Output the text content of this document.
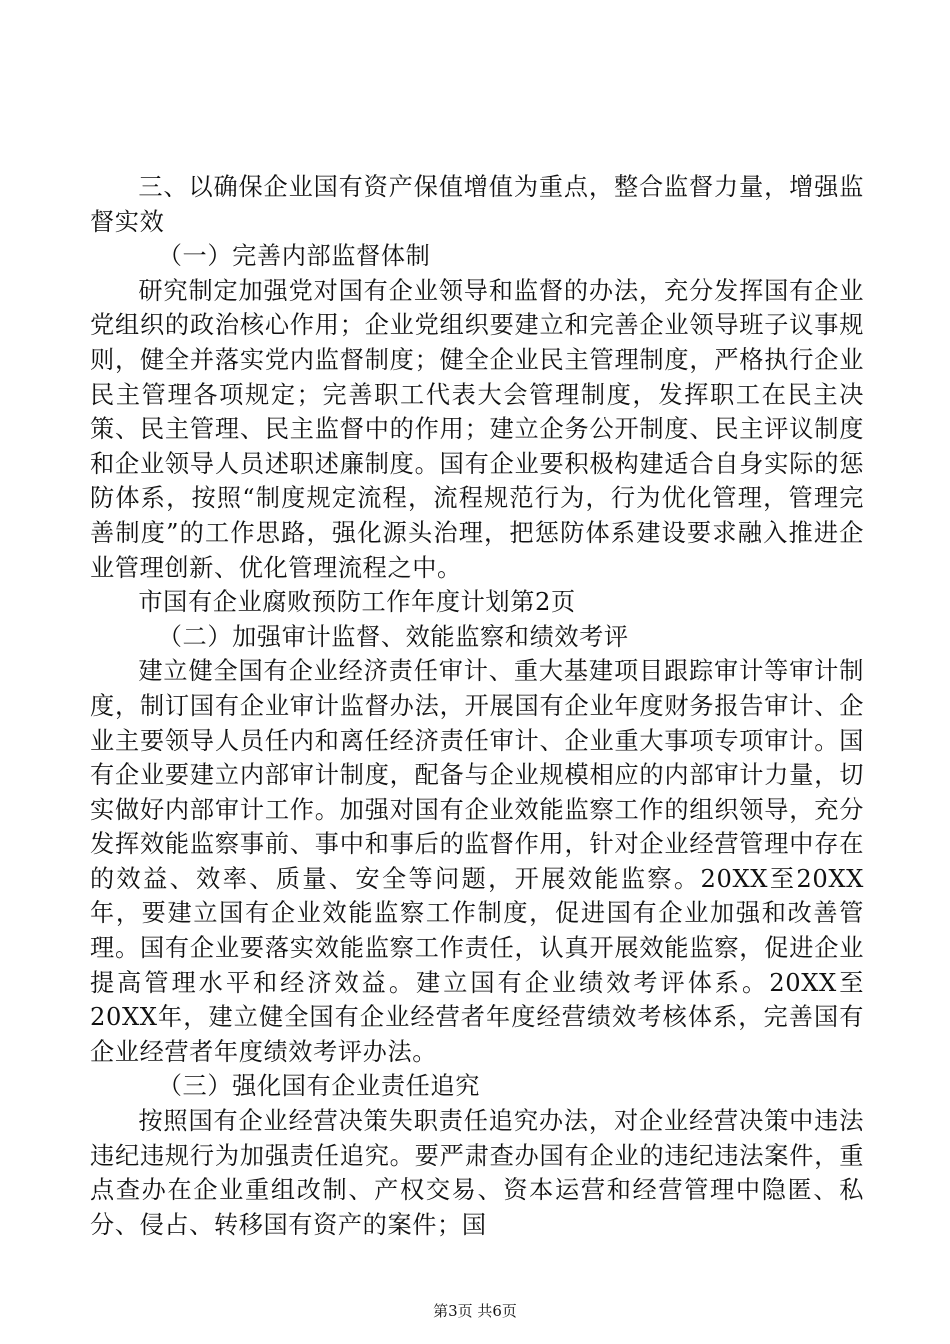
三、以确保企业国有资产保值增值为重点，整合监督力量，增强监督实效

（一）完善内部监督体制

研究制定加强党对国有企业领导和监督的办法，充分发挥国有企业党组织的政治核心作用；企业党组织要建立和完善企业领导班子议事规则，健全并落实党内监督制度；健全企业民主管理制度，严格执行企业民主管理各项规定；完善职工代表大会管理制度，发挥职工在民主决策、民主管理、民主监督中的作用；建立企务公开制度、民主评议制度和企业领导人员述职述廉制度。国有企业要积极构建适合自身实际的惩防体系，按照“制度规定流程，流程规范行为，行为优化管理，管理完善制度”的工作思路，强化源头治理，把惩防体系建设要求融入推进企业管理创新、优化管理流程之中。

市国有企业腐败预防工作年度计划第2页

（二）加强审计监督、效能监察和绩效考评

建立健全国有企业经济责任审计、重大基建项目跟踪审计等审计制度，制订国有企业审计监督办法，开展国有企业年度财务报告审计、企业主要领导人员任内和离任经济责任审计、企业重大事项专项审计。国有企业要建立内部审计制度，配备与企业规模相应的内部审计力量，切实做好内部审计工作。加强对国有企业效能监察工作的组织领导，充分发挥效能监察事前、事中和事后的监督作用，针对企业经营管理中存在的效益、效率、质量、安全等问题，开展效能监察。20XX至20XX年，要建立国有企业效能监察工作制度，促进国有企业加强和改善管理。国有企业要落实效能监察工作责任，认真开展效能监察，促进企业提高管理水平和经济效益。建立国有企业绩效考评体系。20XX至20XX年，建立健全国有企业经营者年度经营绩效考核体系，完善国有企业经营者年度绩效考评办法。

（三）强化国有企业责任追究

按照国有企业经营决策失职责任追究办法，对企业经营决策中违法违纪违规行为加强责任追究。要严肃查办国有企业的违纪违法案件，重点查办在企业重组改制、产权交易、资本运营和经营管理中隐匿、私分、侵占、转移国有资产的案件；国

第3页 共6页
